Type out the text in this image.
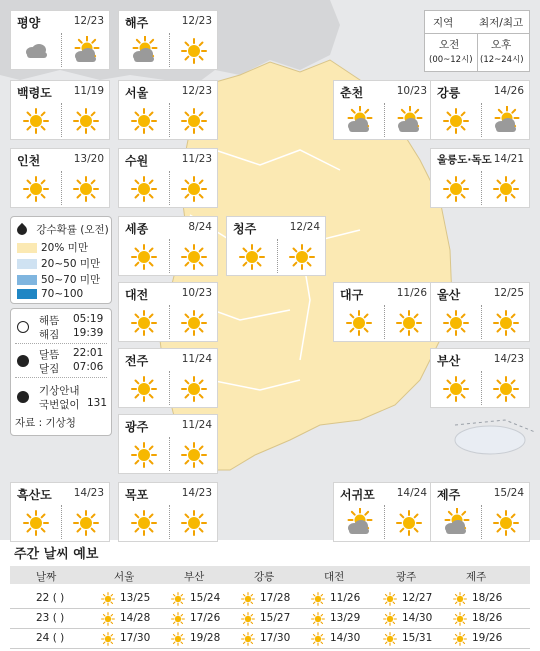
지역 최저/최고
오전
(00~12시)
오후
(12~24시)
강수확률 (오전)
20% 미만
20~50 미만
50~70 미만
70~100
해뜸 05:19
해짐 19:39
달뜸 22:01
달짐 07:06
기상안내
국번없이 131
자료 : 기상청
평양	12/23 해주	12/23
백령도 11/19 서울	12/23	춘천	10/23 강릉	14/26
인천	13/20 수원	11/23	울릉도·독도 14/21
세종	8/24 청주	12/24
대전	10/23	대구	11/26 울산	12/25
전주	11/24	부산	14/23
광주	11/24
흑산도 14/23 목포	14/23	서귀포 14/24 제주	15/24
주간 날씨 예보
날짜	서울	부산	강릉	대전	광주	제주
22 ( )	13/25	15/24	17/28	11/26	12/27	18/26
23 ( )	14/28	17/26	15/27	13/29	14/30	18/26
24 ( )	17/30	19/28	17/30	14/30	15/31	19/26
